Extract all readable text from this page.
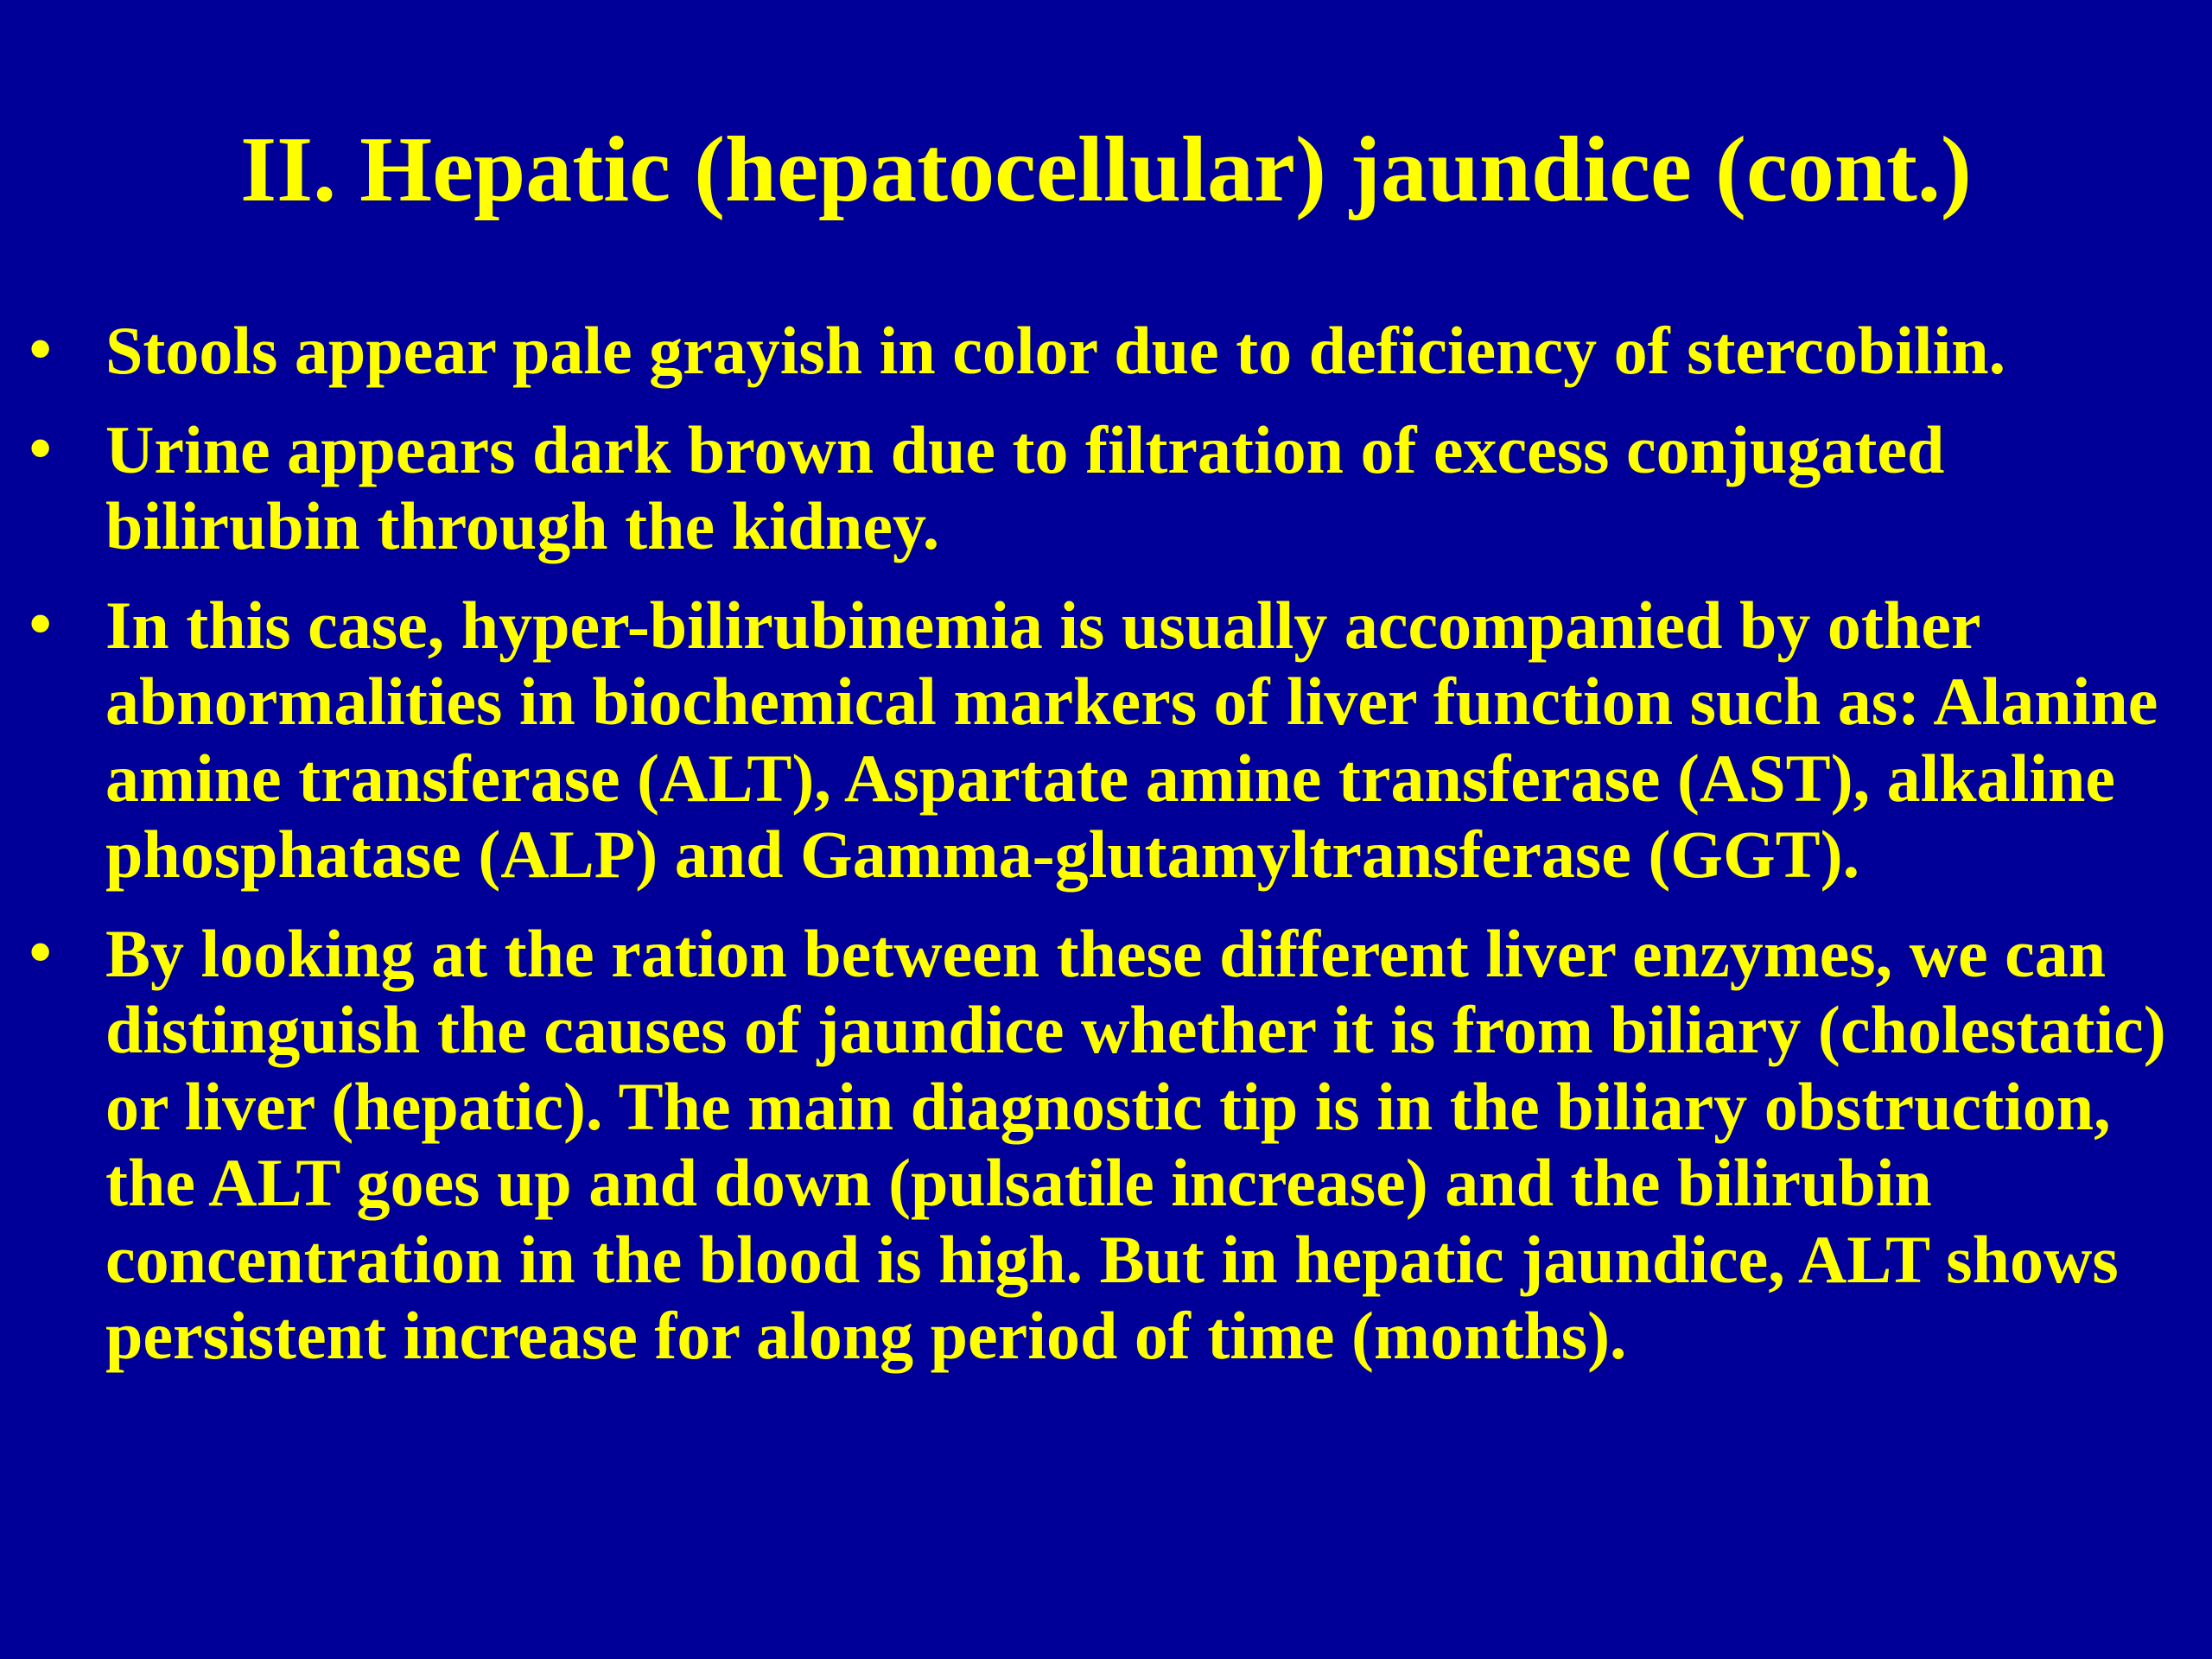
II. Hepatic (hepatocellular) jaundice (cont.)
• Stools appear pale grayish in color due to deficiency of stercobilin.
• Urine appears dark brown due to filtration of excess conjugated bilirubin through the kidney.
• In this case, hyper-bilirubinemia is usually accompanied by other abnormalities in biochemical markers of liver function such as: Alanine amine transferase (ALT), Aspartate amine transferase (AST), alkaline phosphatase (ALP) and Gamma-glutamyltransferase (GGT).
• By looking at the ration between these different liver enzymes, we can distinguish the causes of jaundice whether it is from biliary (cholestatic) or liver (hepatic). The main diagnostic tip is in the biliary obstruction, the ALT goes up and down (pulsatile increase) and the bilirubin concentration in the blood is high. But in hepatic jaundice, ALT shows persistent increase for along period of time (months).
